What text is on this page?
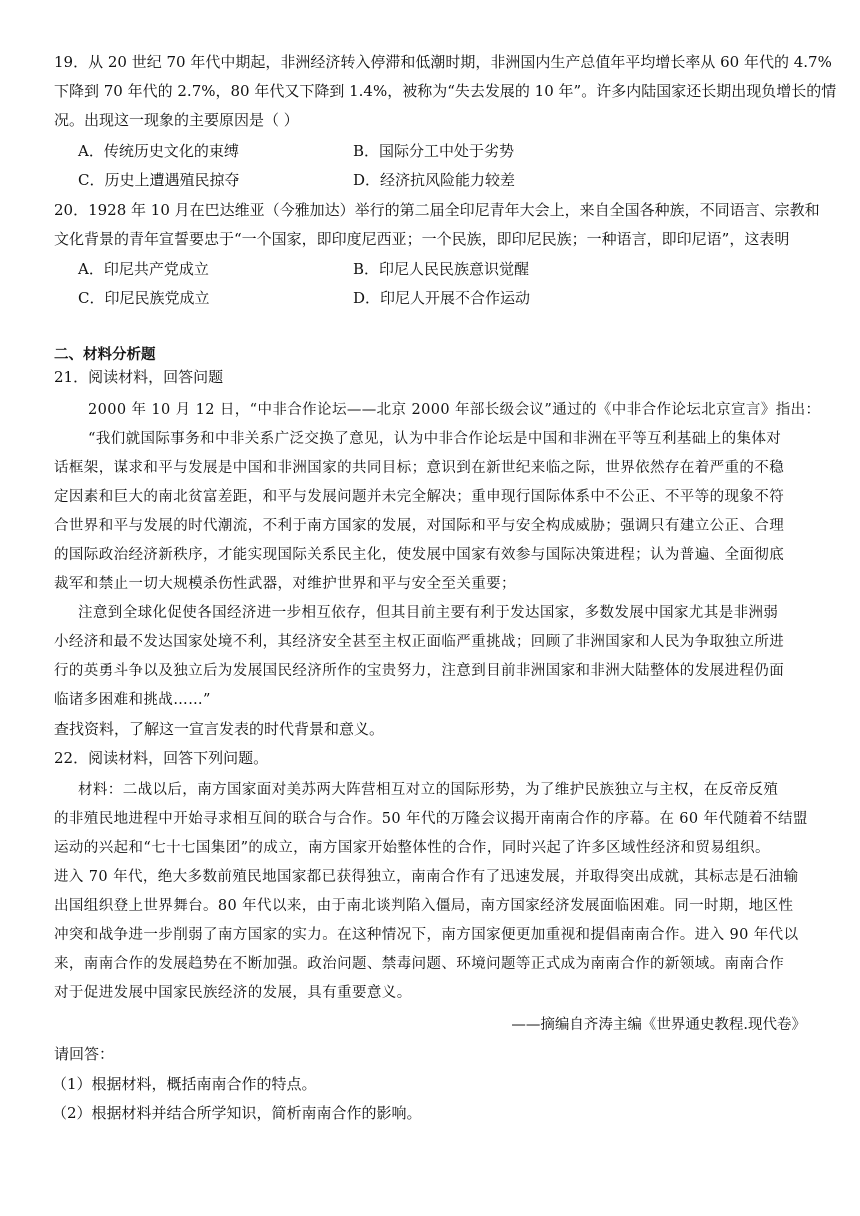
19．从 20 世纪 70 年代中期起，非洲经济转入停滞和低潮时期，非洲国内生产总值年平均增长率从 60 年代的 4.7%
下降到 70 年代的 2.7%，80 年代又下降到 1.4%，被称为“失去发展的 10 年”。许多内陆国家还长期出现负增长的情
况。出现这一现象的主要原因是（ ）
A．传统历史文化的束缚	B．国际分工中处于劣势
C．历史上遭遇殖民掠夺	D．经济抗风险能力较差
20．1928 年 10 月在巴达维亚（今雅加达）举行的第二届全印尼青年大会上，来自全国各种族，不同语言、宗教和
文化背景的青年宣誓要忠于“一个国家，即印度尼西亚；一个民族，即印尼民族；一种语言，即印尼语”，这表明
A．印尼共产党成立	B．印尼人民民族意识觉醒
C．印尼民族党成立	D．印尼人开展不合作运动
二、材料分析题
21．阅读材料，回答问题
2000 年 10 月 12 日，“中非合作论坛——北京 2000 年部长级会议”通过的《中非合作论坛北京宣言》指出：
“我们就国际事务和中非关系广泛交换了意见，认为中非合作论坛是中国和非洲在平等互利基础上的集体对
话框架，谋求和平与发展是中国和非洲国家的共同目标；意识到在新世纪来临之际，世界依然存在着严重的不稳
定因素和巨大的南北贫富差距，和平与发展问题并未完全解决；重申现行国际体系中不公正、不平等的现象不符
合世界和平与发展的时代潮流，不利于南方国家的发展，对国际和平与安全构成威胁；强调只有建立公正、合理
的国际政治经济新秩序，才能实现国际关系民主化，使发展中国家有效参与国际决策进程；认为普遍、全面彻底
裁军和禁止一切大规模杀伤性武器，对维护世界和平与安全至关重要；
注意到全球化促使各国经济进一步相互依存，但其目前主要有利于发达国家，多数发展中国家尤其是非洲弱
小经济和最不发达国家处境不利，其经济安全甚至主权正面临严重挑战；回顾了非洲国家和人民为争取独立所进
行的英勇斗争以及独立后为发展国民经济所作的宝贵努力，注意到目前非洲国家和非洲大陆整体的发展进程仍面
临诸多困难和挑战……”
查找资料，了解这一宣言发表的时代背景和意义。
22．阅读材料，回答下列问题。
材料：二战以后，南方国家面对美苏两大阵营相互对立的国际形势，为了维护民族独立与主权，在反帝反殖
的非殖民地进程中开始寻求相互间的联合与合作。50 年代的万隆会议揭开南南合作的序幕。在 60 年代随着不结盟
运动的兴起和“七十七国集团”的成立，南方国家开始整体性的合作，同时兴起了许多区域性经济和贸易组织。
进入 70 年代，绝大多数前殖民地国家都已获得独立，南南合作有了迅速发展，并取得突出成就，其标志是石油输
出国组织登上世界舞台。80 年代以来，由于南北谈判陷入僵局，南方国家经济发展面临困难。同一时期，地区性
冲突和战争进一步削弱了南方国家的实力。在这种情况下，南方国家便更加重视和提倡南南合作。进入 90 年代以
来，南南合作的发展趋势在不断加强。政治问题、禁毒问题、环境问题等正式成为南南合作的新领域。南南合作
对于促进发展中国家民族经济的发展，具有重要意义。
——摘编自齐涛主编《世界通史教程.现代卷》
请回答：
（1）根据材料，概括南南合作的特点。
（2）根据材料并结合所学知识，简析南南合作的影响。
